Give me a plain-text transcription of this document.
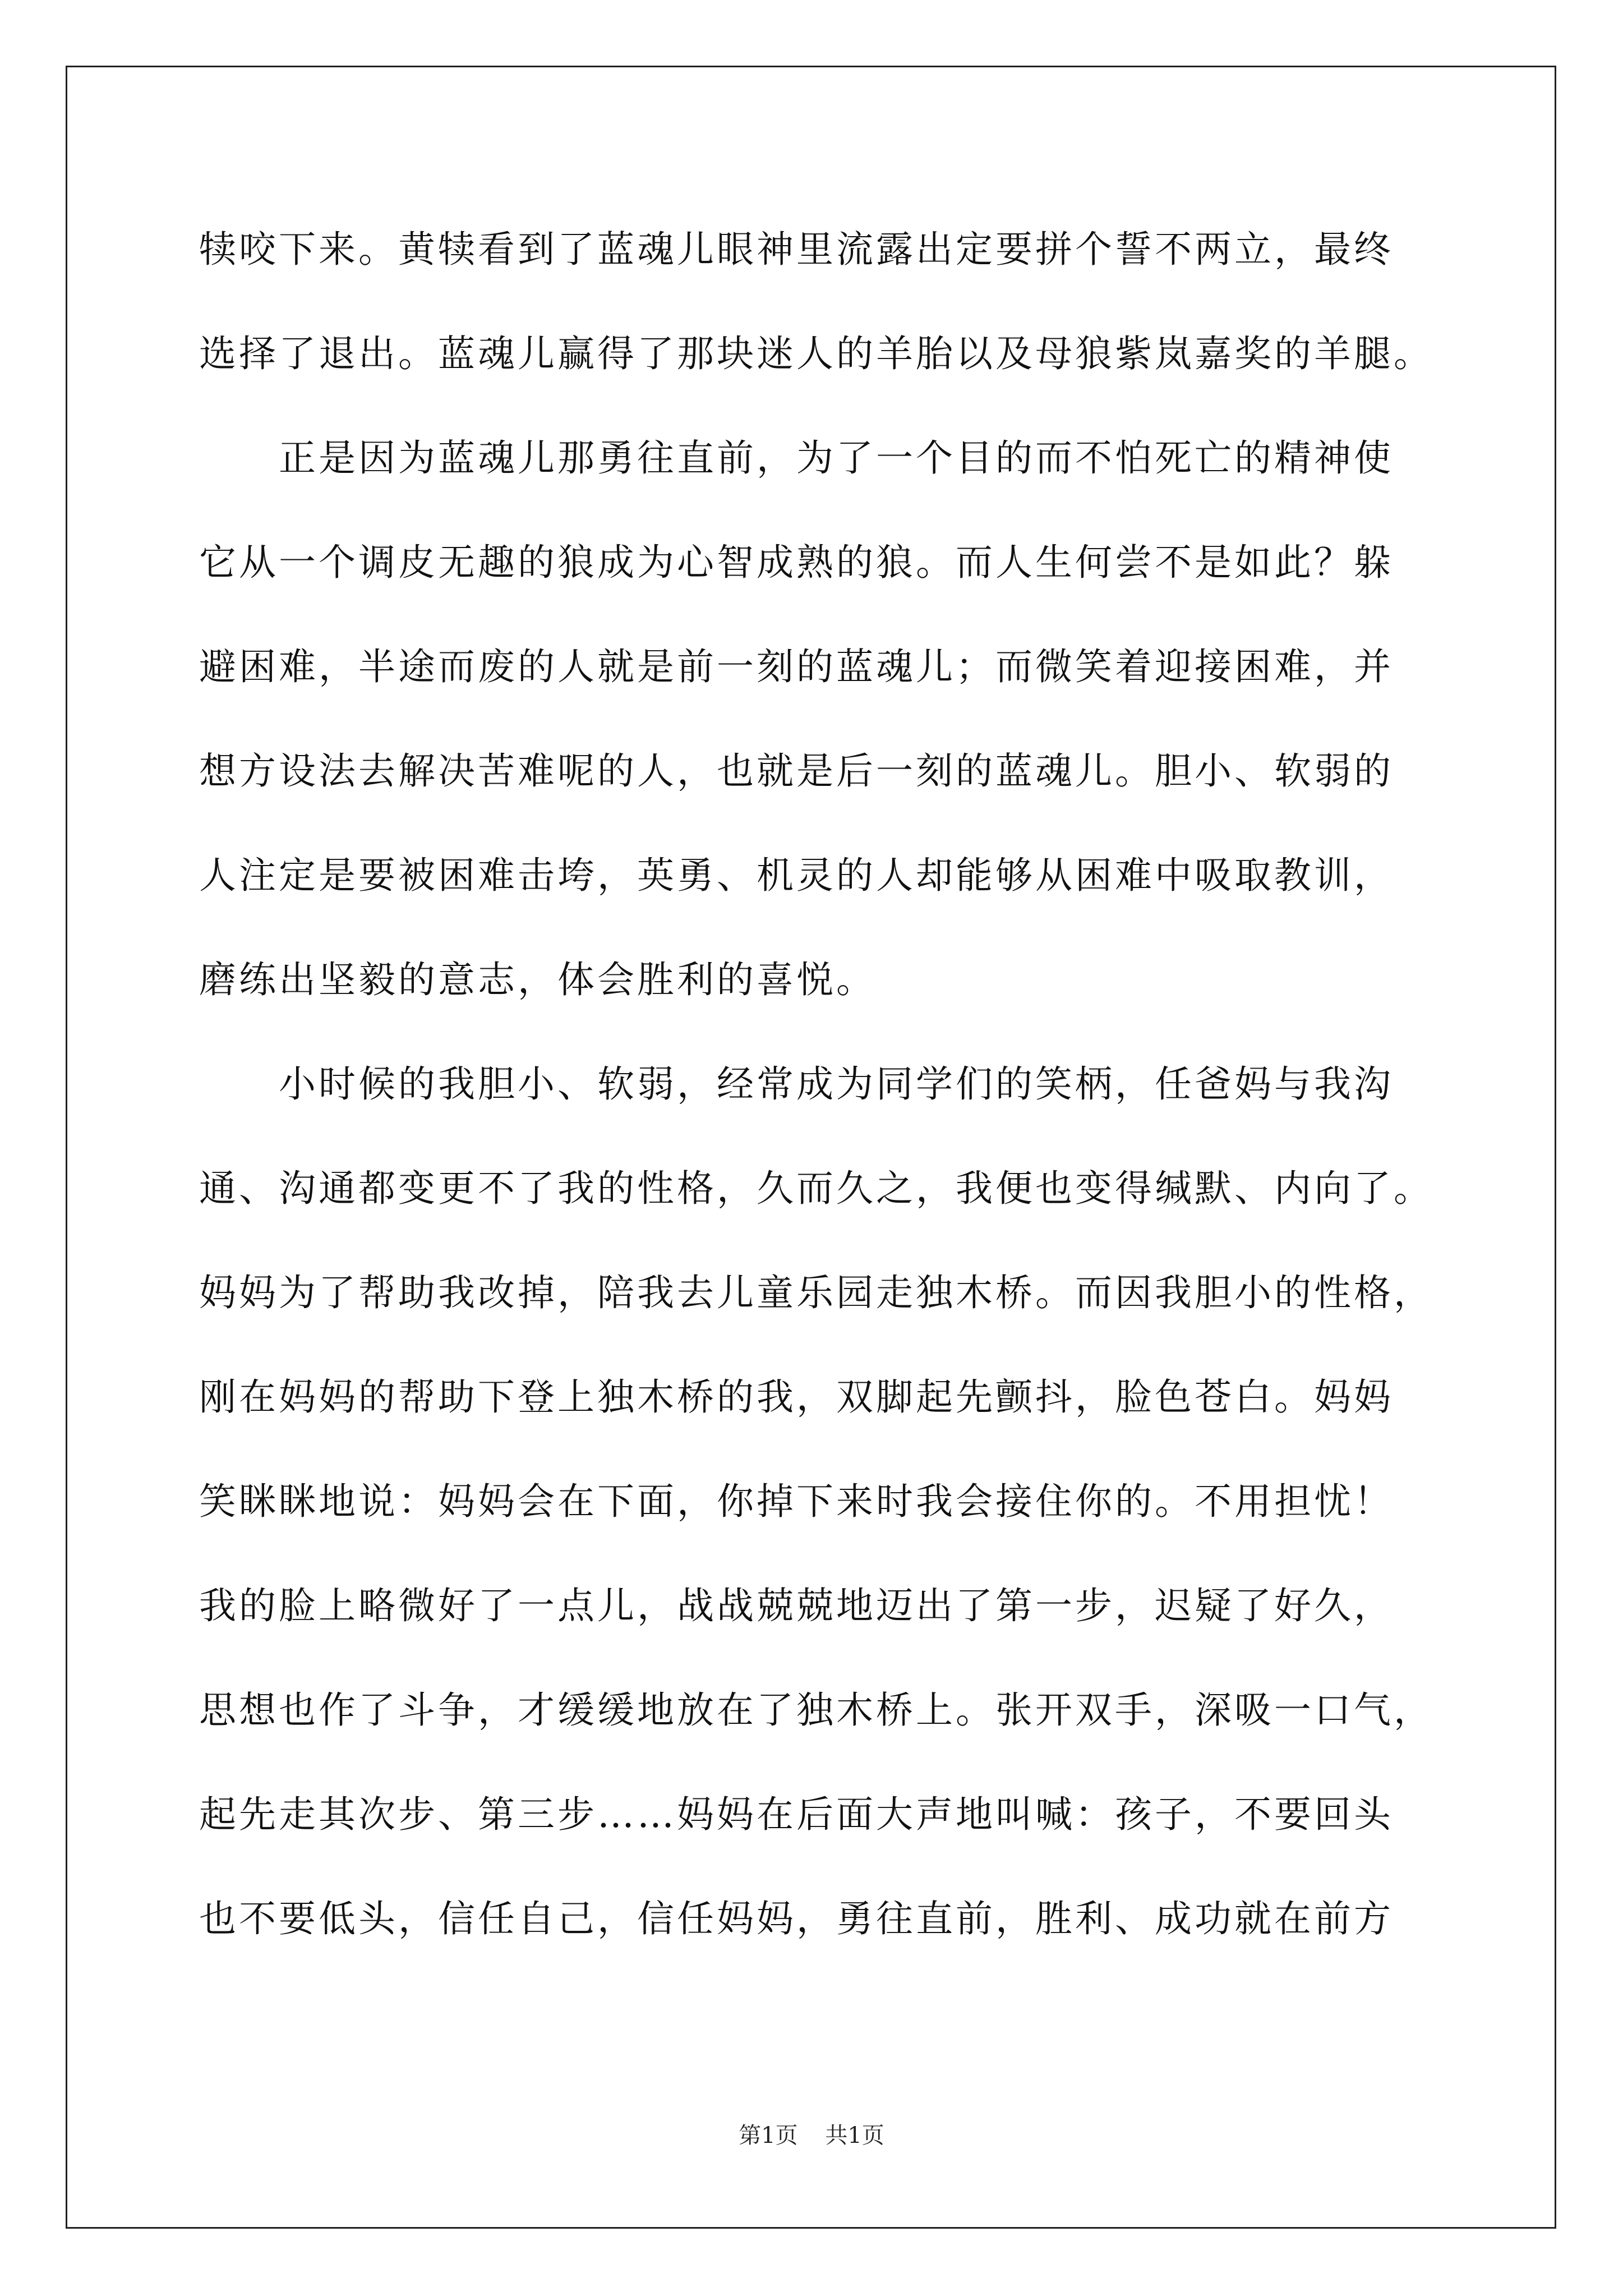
犊咬下来。黄犊看到了蓝魂儿眼神里流露出定要拼个誓不两立，最终
选择了退出。蓝魂儿赢得了那块迷人的羊胎以及母狼紫岚嘉奖的羊腿。
　　正是因为蓝魂儿那勇往直前，为了一个目的而不怕死亡的精神使
它从一个调皮无趣的狼成为心智成熟的狼。而人生何尝不是如此？躲
避困难，半途而废的人就是前一刻的蓝魂儿；而微笑着迎接困难，并
想方设法去解决苦难呢的人，也就是后一刻的蓝魂儿。胆小、软弱的
人注定是要被困难击垮，英勇、机灵的人却能够从困难中吸取教训，
磨练出坚毅的意志，体会胜利的喜悦。
　　小时候的我胆小、软弱，经常成为同学们的笑柄，任爸妈与我沟
通、沟通都变更不了我的性格，久而久之，我便也变得缄默、内向了。
妈妈为了帮助我改掉，陪我去儿童乐园走独木桥。而因我胆小的性格，
刚在妈妈的帮助下登上独木桥的我，双脚起先颤抖，脸色苍白。妈妈
笑眯眯地说：妈妈会在下面，你掉下来时我会接住你的。不用担忧！
我的脸上略微好了一点儿，战战兢兢地迈出了第一步，迟疑了好久，
思想也作了斗争，才缓缓地放在了独木桥上。张开双手，深吸一口气，
起先走其次步、第三步……妈妈在后面大声地叫喊：孩子，不要回头
也不要低头，信任自己，信任妈妈，勇往直前，胜利、成功就在前方
第1页 共1页
